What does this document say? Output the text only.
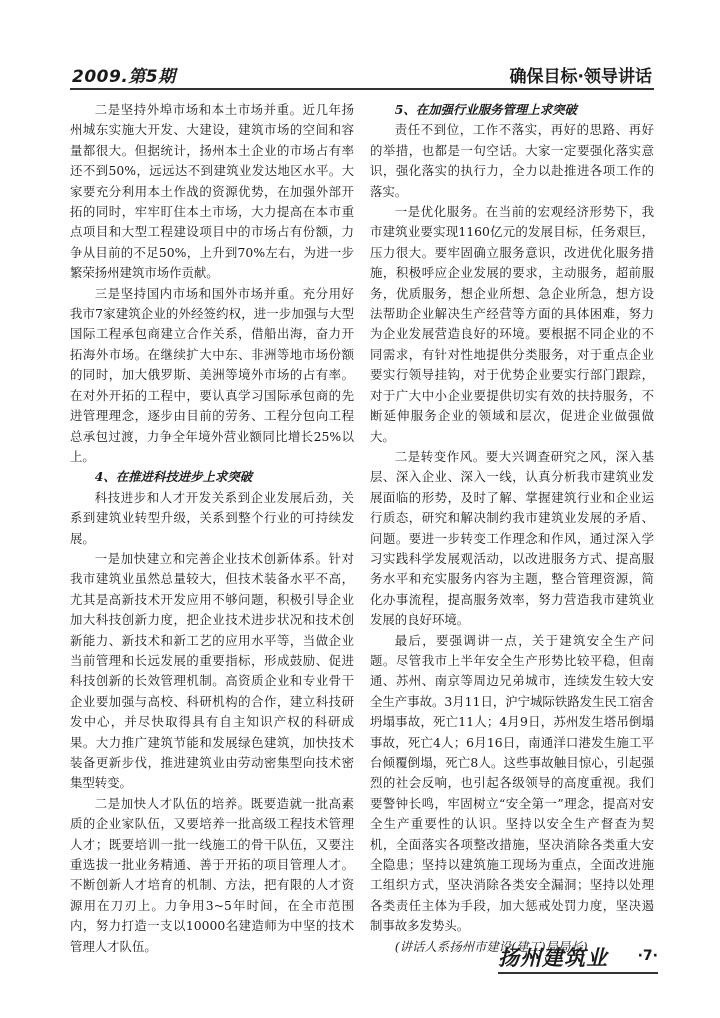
2009.第5期	确保目标·领导讲话

二是坚持外埠市场和本土市场并重。近几年扬州城东实施大开发、大建设，建筑市场的空间和容量都很大。但据统计，扬州本土企业的市场占有率还不到50%，远远达不到建筑业发达地区水平。大家要充分利用本土作战的资源优势，在加强外部开拓的同时，牢牢盯住本土市场，大力提高在本市重点项目和大型工程建设项目中的市场占有份额，力争从目前的不足50%，上升到70%左右，为进一步繁荣扬州建筑市场作贡献。

三是坚持国内市场和国外市场并重。充分用好我市7家建筑企业的外经签约权，进一步加强与大型国际工程承包商建立合作关系，借船出海，奋力开拓海外市场。在继续扩大中东、非洲等地市场份额的同时，加大俄罗斯、美洲等境外市场的占有率。在对外开拓的工程中，要认真学习国际承包商的先进管理理念，逐步由目前的劳务、工程分包向工程总承包过渡，力争全年境外营业额同比增长25%以上。

4、在推进科技进步上求突破

科技进步和人才开发关系到企业发展后劲，关系到建筑业转型升级，关系到整个行业的可持续发展。

一是加快建立和完善企业技术创新体系。针对我市建筑业虽然总量较大，但技术装备水平不高，尤其是高新技术开发应用不够问题，积极引导企业加大科技创新力度，把企业技术进步状况和技术创新能力、新技术和新工艺的应用水平等，当做企业当前管理和长远发展的重要指标，形成鼓励、促进科技创新的长效管理机制。高资质企业和专业骨干企业要加强与高校、科研机构的合作，建立科技研发中心，并尽快取得具有自主知识产权的科研成果。大力推广建筑节能和发展绿色建筑，加快技术装备更新步伐，推进建筑业由劳动密集型向技术密集型转变。

二是加快人才队伍的培养。既要造就一批高素质的企业家队伍，又要培养一批高级工程技术管理人才；既要培训一批一线施工的骨干队伍，又要注重选拔一批业务精通、善于开拓的项目管理人才。不断创新人才培育的机制、方法，把有限的人才资源用在刀刃上。力争用3~5年时间，在全市范围内，努力打造一支以10000名建造师为中坚的技术管理人才队伍。

5、在加强行业服务管理上求突破

责任不到位，工作不落实，再好的思路、再好的举措，也都是一句空话。大家一定要强化落实意识，强化落实的执行力，全力以赴推进各项工作的落实。

一是优化服务。在当前的宏观经济形势下，我市建筑业要实现1160亿元的发展目标，任务艰巨，压力很大。要牢固确立服务意识，改进优化服务措施，积极呼应企业发展的要求，主动服务，超前服务，优质服务，想企业所想、急企业所急，想方设法帮助企业解决生产经营等方面的具体困难，努力为企业发展营造良好的环境。要根据不同企业的不同需求，有针对性地提供分类服务，对于重点企业要实行领导挂钩，对于优势企业要实行部门跟踪，对于广大中小企业要提供切实有效的扶持服务，不断延伸服务企业的领域和层次，促进企业做强做大。

二是转变作风。要大兴调查研究之风，深入基层、深入企业、深入一线，认真分析我市建筑业发展面临的形势，及时了解、掌握建筑行业和企业运行质态，研究和解决制约我市建筑业发展的矛盾、问题。要进一步转变工作理念和作风，通过深入学习实践科学发展观活动，以改进服务方式、提高服务水平和充实服务内容为主题，整合管理资源，简化办事流程，提高服务效率，努力营造我市建筑业发展的良好环境。

最后，要强调讲一点，关于建筑安全生产问题。尽管我市上半年安全生产形势比较平稳，但南通、苏州、南京等周边兄弟城市，连续发生较大安全生产事故。3月11日，沪宁城际铁路发生民工宿舍坍塌事故，死亡11人；4月9日，苏州发生塔吊倒塌事故，死亡4人；6月16日，南通洋口港发生施工平台倾覆倒塌，死亡8人。这些事故触目惊心，引起强烈的社会反响，也引起各级领导的高度重视。我们要警钟长鸣，牢固树立“安全第一”理念，提高对安全生产重要性的认识。坚持以安全生产督查为契机，全面落实各项整改措施，坚决消除各类重大安全隐患；坚持以建筑施工现场为重点，全面改进施工组织方式，坚决消除各类安全漏洞；坚持以处理各类责任主体为手段，加大惩戒处罚力度，坚决遏制事故多发势头。

(讲话人系扬州市建设(建工)局局长)

扬州建筑业 ·7·
